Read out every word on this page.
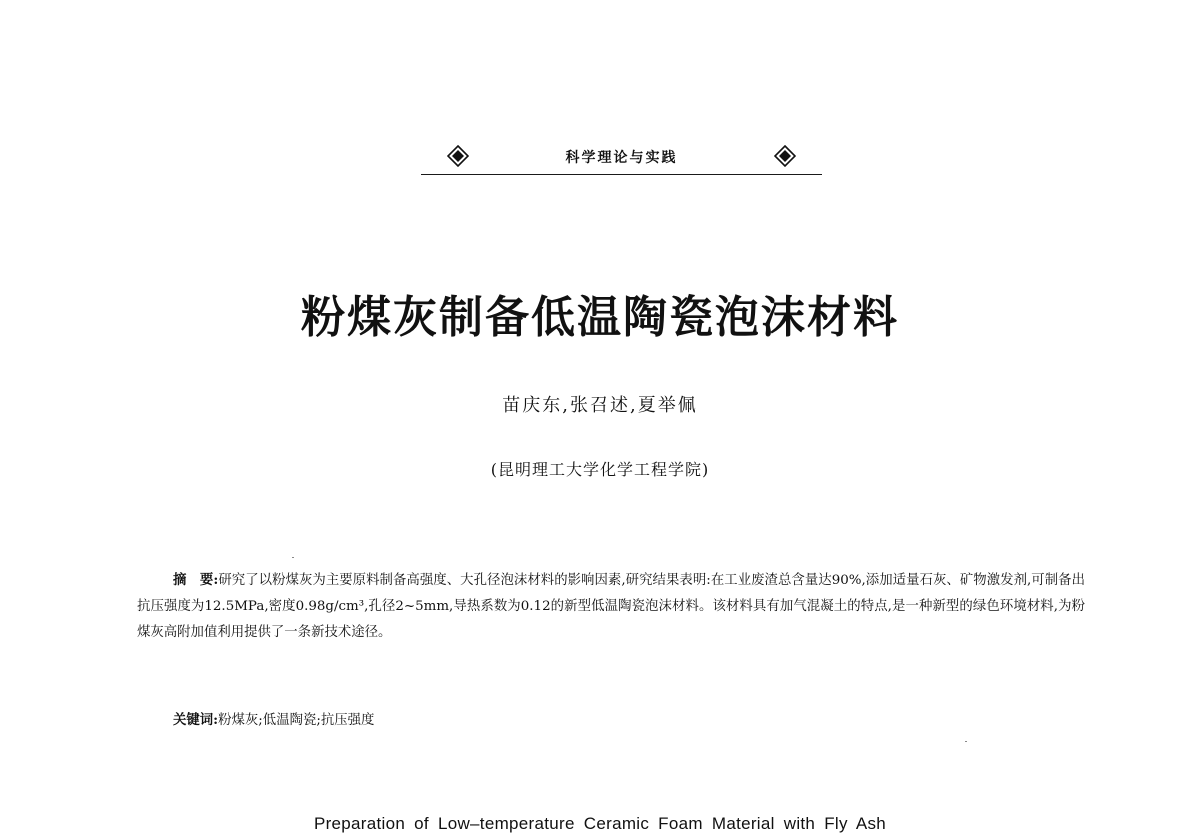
科学理论与实践
粉煤灰制备低温陶瓷泡沫材料
苗庆东,张召述,夏举佩
(昆明理工大学化学工程学院)
摘　要:研究了以粉煤灰为主要原料制备高强度、大孔径泡沫材料的影响因素,研究结果表明:在工业废渣总含量达90%,添加适量石灰、矿物激发剂,可制备出抗压强度为12.5MPa,密度0.98g/cm³,孔径2~5mm,导热系数为0.12的新型低温陶瓷泡沫材料。该材料具有加气混凝土的特点,是一种新型的绿色环境材料,为粉煤灰高附加值利用提供了一条新技术途径。
关键词:粉煤灰;低温陶瓷;抗压强度
Preparation of Low–temperature Ceramic Foam Material with Fly Ash
